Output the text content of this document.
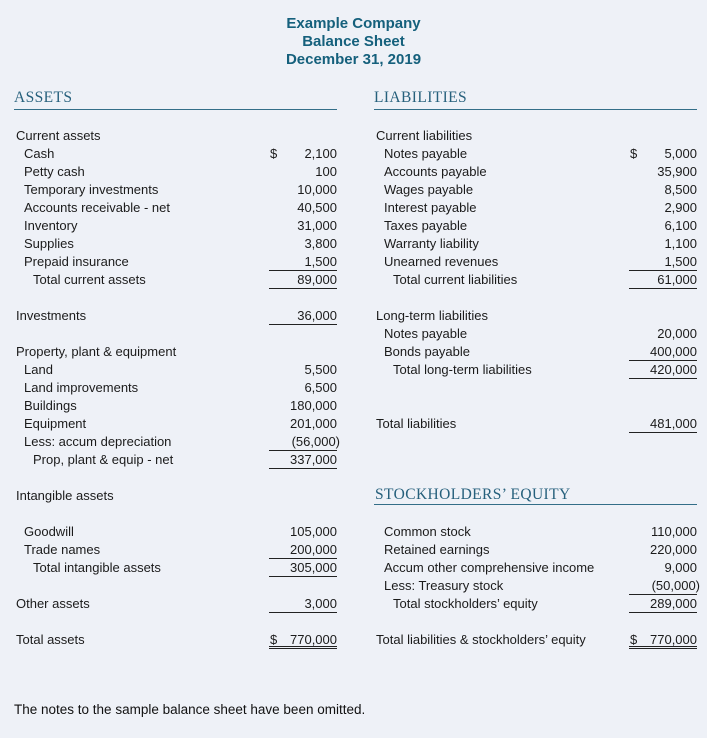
Example Company
Balance Sheet
December 31, 2019
ASSETS
Current assets
Cash	$ 2,100
Petty cash	100
Temporary investments	10,000
Accounts receivable - net	40,500
Inventory	31,000
Supplies	3,800
Prepaid insurance	1,500
Total current assets	89,000
Investments	36,000
Property, plant & equipment
Land	5,500
Land improvements	6,500
Buildings	180,000
Equipment	201,000
Less: accum depreciation	(56,000)
Prop, plant & equip - net	337,000
Intangible assets
Goodwill	105,000
Trade names	200,000
Total intangible assets	305,000
Other assets	3,000
Total assets	$ 770,000
LIABILITIES
Current liabilities
Notes payable	$ 5,000
Accounts payable	35,900
Wages payable	8,500
Interest payable	2,900
Taxes payable	6,100
Warranty liability	1,100
Unearned revenues	1,500
Total current liabilities	61,000
Long-term liabilities
Notes payable	20,000
Bonds payable	400,000
Total long-term liabilities	420,000
Total liabilities	481,000
STOCKHOLDERS’ EQUITY
Common stock	110,000
Retained earnings	220,000
Accum other comprehensive income	9,000
Less: Treasury stock	(50,000)
Total stockholders’ equity	289,000
Total liabilities & stockholders’ equity	$ 770,000
The notes to the sample balance sheet have been omitted.
